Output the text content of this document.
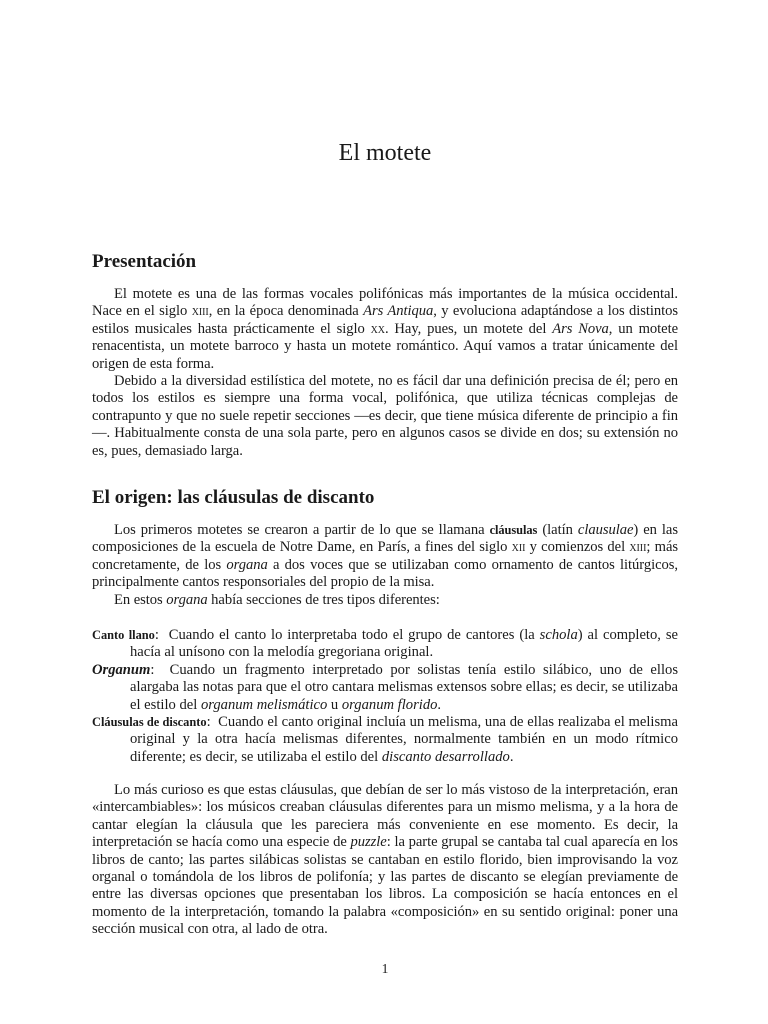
El motete
Presentación

El motete es una de las formas vocales polifónicas más importantes de la música occidental. Nace en el siglo xiii, en la época denominada Ars Antiqua, y evoluciona adaptándose a los distintos estilos musicales hasta prácticamente el siglo xx. Hay, pues, un motete del Ars Nova, un motete renacentista, un motete barroco y hasta un motete romántico. Aquí vamos a tratar únicamente del origen de esta forma.

Debido a la diversidad estilística del motete, no es fácil dar una definición precisa de él; pero en todos los estilos es siempre una forma vocal, polifónica, que utiliza técnicas complejas de contrapunto y que no suele repetir secciones —es decir, que tiene música diferente de principio a fin—. Habitualmente consta de una sola parte, pero en algunos casos se divide en dos; su extensión no es, pues, demasiado larga.

El origen: las cláusulas de discanto

Los primeros motetes se crearon a partir de lo que se llamana cláusulas (latín clausulae) en las composiciones de la escuela de Notre Dame, en París, a fines del siglo xii y comienzos del xiii; más concretamente, de los organa a dos voces que se utilizaban como ornamento de cantos litúrgicos, principalmente cantos responsoriales del propio de la misa.

En estos organa había secciones de tres tipos diferentes:

Canto llano:  Cuando el canto lo interpretaba todo el grupo de cantores (la schola) al completo, se hacía al unísono con la melodía gregoriana original.
Organum:  Cuando un fragmento interpretado por solistas tenía estilo silábico, uno de ellos alargaba las notas para que el otro cantara melismas extensos sobre ellas; es decir, se utilizaba el estilo del organum melismático u organum florido.
Cláusulas de discanto:  Cuando el canto original incluía un melisma, una de ellas realizaba el melisma original y la otra hacía melismas diferentes, normalmente también en un modo rítmico diferente; es decir, se utilizaba el estilo del discanto desarrollado.

Lo más curioso es que estas cláusulas, que debían de ser lo más vistoso de la interpretación, eran «intercambiables»: los músicos creaban cláusulas diferentes para un mismo melisma, y a la hora de cantar elegían la cláusula que les pareciera más conveniente en ese momento. Es decir, la interpretación se hacía como una especie de puzzle: la parte grupal se cantaba tal cual aparecía en los libros de canto; las partes silábicas solistas se cantaban en estilo florido, bien improvisando la voz organal o tomándola de los libros de polifonía; y las partes de discanto se elegían previamente de entre las diversas opciones que presentaban los libros. La composición se hacía entonces en el momento de la interpretación, tomando la palabra «composición» en su sentido original: poner una sección musical con otra, al lado de otra.

1
